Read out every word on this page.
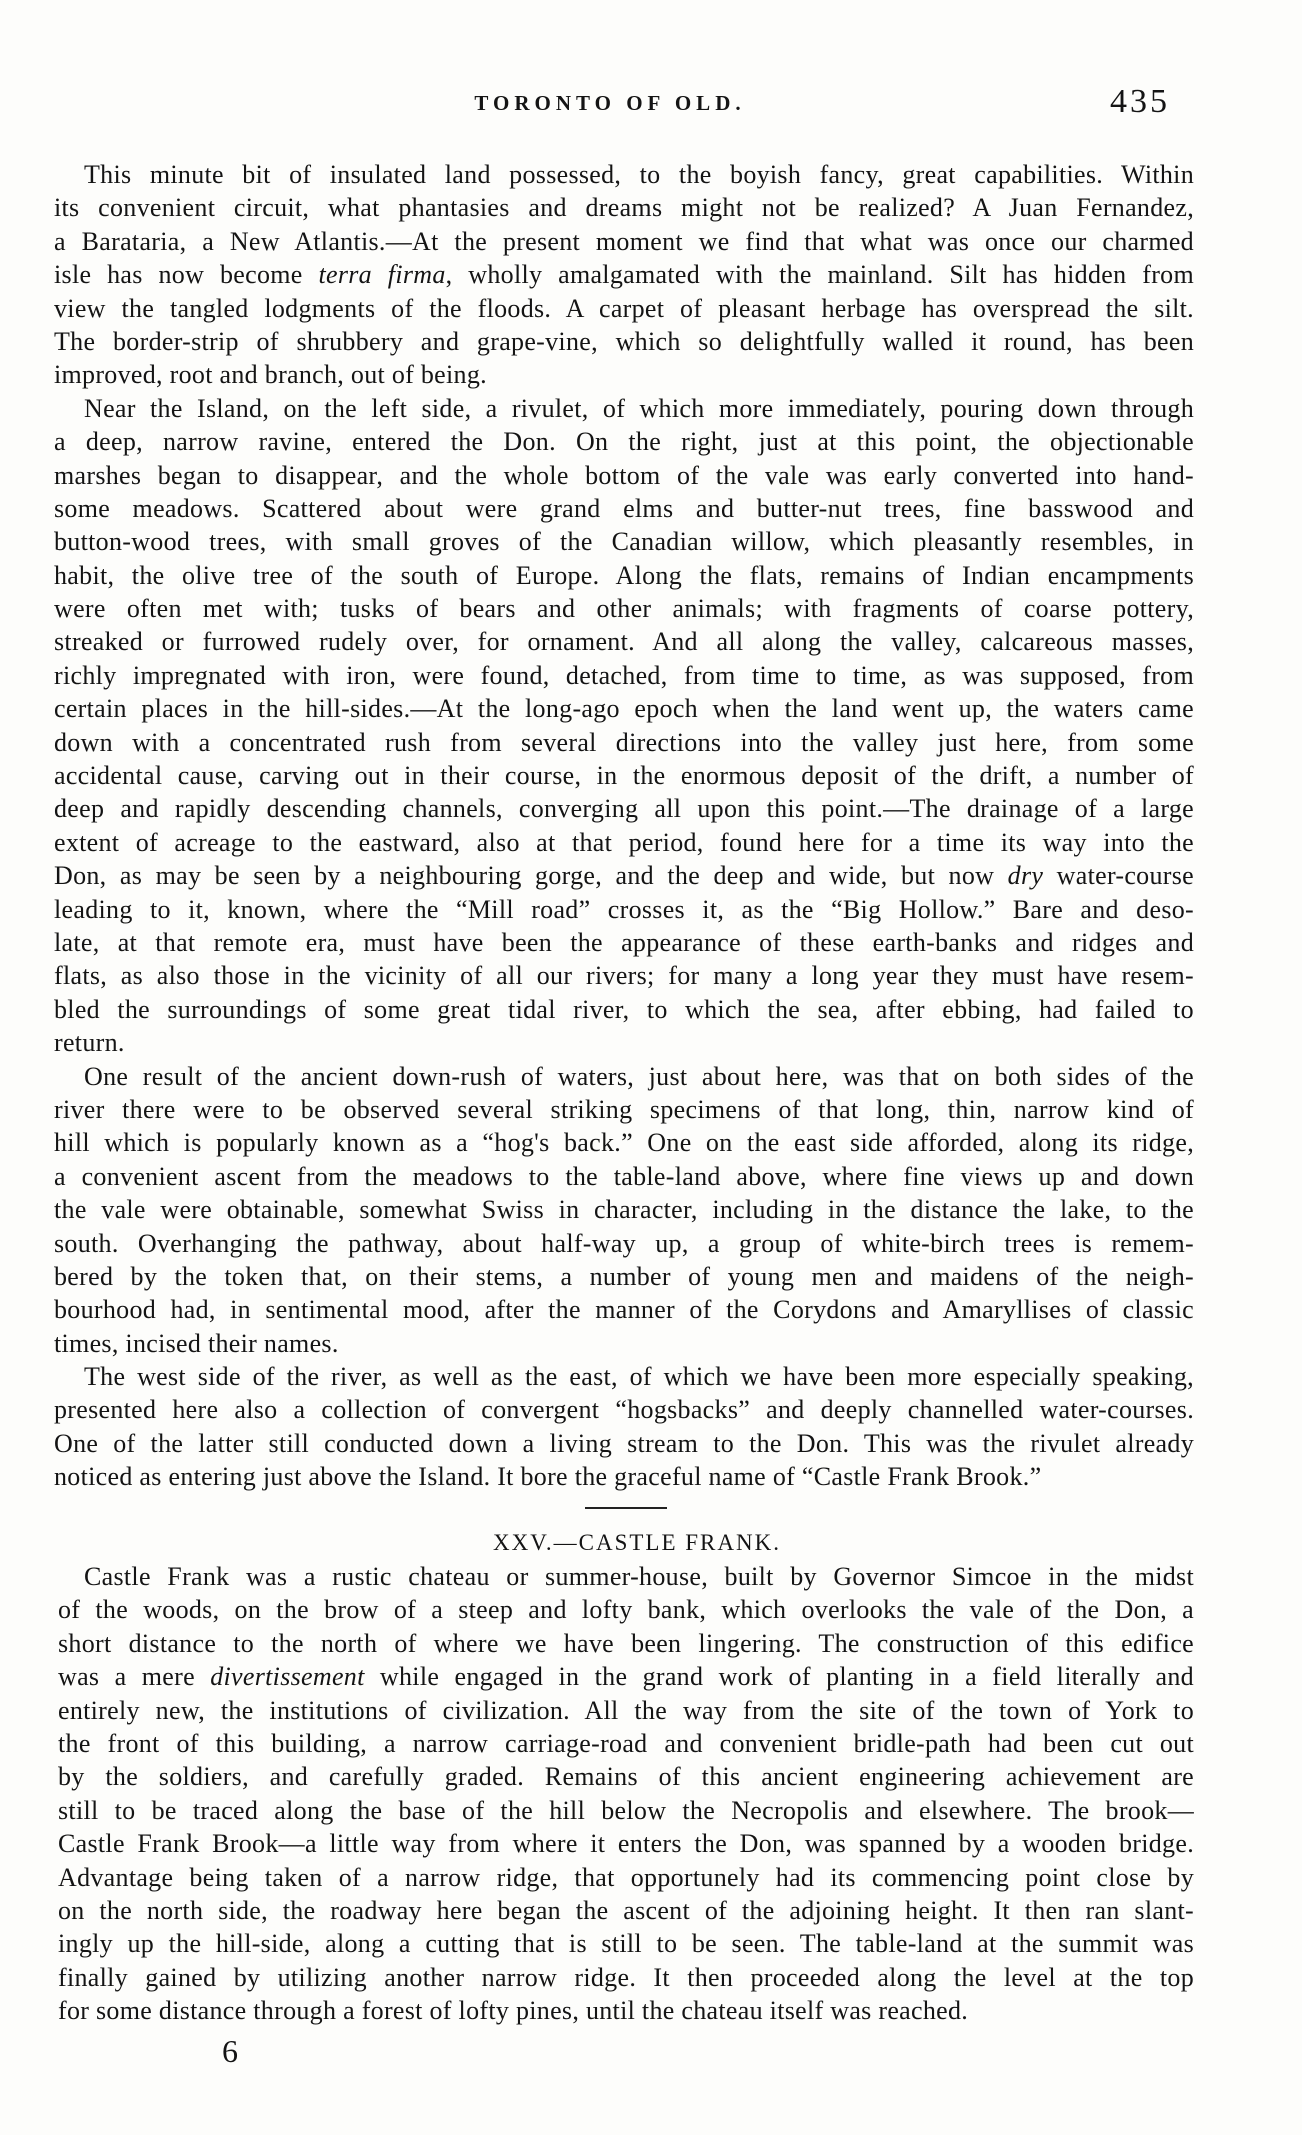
TORONTO OF OLD.	435
This minute bit of insulated land possessed, to the boyish fancy, great capabilities. Within
its convenient circuit, what phantasies and dreams might not be realized? A Juan Fernandez,
a Barataria, a New Atlantis.—At the present moment we find that what was once our charmed
isle has now become terra firma, wholly amalgamated with the mainland. Silt has hidden from
view the tangled lodgments of the floods. A carpet of pleasant herbage has overspread the silt.
The border-strip of shrubbery and grape-vine, which so delightfully walled it round, has been
improved, root and branch, out of being.
Near the Island, on the left side, a rivulet, of which more immediately, pouring down through
a deep, narrow ravine, entered the Don. On the right, just at this point, the objectionable
marshes began to disappear, and the whole bottom of the vale was early converted into hand-
some meadows. Scattered about were grand elms and butter-nut trees, fine basswood and
button-wood trees, with small groves of the Canadian willow, which pleasantly resembles, in
habit, the olive tree of the south of Europe. Along the flats, remains of Indian encampments
were often met with; tusks of bears and other animals; with fragments of coarse pottery,
streaked or furrowed rudely over, for ornament. And all along the valley, calcareous masses,
richly impregnated with iron, were found, detached, from time to time, as was supposed, from
certain places in the hill-sides.—At the long-ago epoch when the land went up, the waters came
down with a concentrated rush from several directions into the valley just here, from some
accidental cause, carving out in their course, in the enormous deposit of the drift, a number of
deep and rapidly descending channels, converging all upon this point.—The drainage of a large
extent of acreage to the eastward, also at that period, found here for a time its way into the
Don, as may be seen by a neighbouring gorge, and the deep and wide, but now dry water-course
leading to it, known, where the “Mill road” crosses it, as the “Big Hollow.” Bare and deso-
late, at that remote era, must have been the appearance of these earth-banks and ridges and
flats, as also those in the vicinity of all our rivers; for many a long year they must have resem-
bled the surroundings of some great tidal river, to which the sea, after ebbing, had failed to
return.
One result of the ancient down-rush of waters, just about here, was that on both sides of the
river there were to be observed several striking specimens of that long, thin, narrow kind of
hill which is popularly known as a “hog's back.” One on the east side afforded, along its ridge,
a convenient ascent from the meadows to the table-land above, where fine views up and down
the vale were obtainable, somewhat Swiss in character, including in the distance the lake, to the
south. Overhanging the pathway, about half-way up, a group of white-birch trees is remem-
bered by the token that, on their stems, a number of young men and maidens of the neigh-
bourhood had, in sentimental mood, after the manner of the Corydons and Amaryllises of classic
times, incised their names.
The west side of the river, as well as the east, of which we have been more especially speaking,
presented here also a collection of convergent “hogsbacks” and deeply channelled water-courses.
One of the latter still conducted down a living stream to the Don. This was the rivulet already
noticed as entering just above the Island. It bore the graceful name of “Castle Frank Brook.”
XXV.—CASTLE FRANK.
Castle Frank was a rustic chateau or summer-house, built by Governor Simcoe in the midst
of the woods, on the brow of a steep and lofty bank, which overlooks the vale of the Don, a
short distance to the north of where we have been lingering. The construction of this edifice
was a mere divertissement while engaged in the grand work of planting in a field literally and
entirely new, the institutions of civilization. All the way from the site of the town of York to
the front of this building, a narrow carriage-road and convenient bridle-path had been cut out
by the soldiers, and carefully graded. Remains of this ancient engineering achievement are
still to be traced along the base of the hill below the Necropolis and elsewhere. The brook—
Castle Frank Brook—a little way from where it enters the Don, was spanned by a wooden bridge.
Advantage being taken of a narrow ridge, that opportunely had its commencing point close by
on the north side, the roadway here began the ascent of the adjoining height. It then ran slant-
ingly up the hill-side, along a cutting that is still to be seen. The table-land at the summit was
finally gained by utilizing another narrow ridge. It then proceeded along the level at the top
for some distance through a forest of lofty pines, until the chateau itself was reached.
6
